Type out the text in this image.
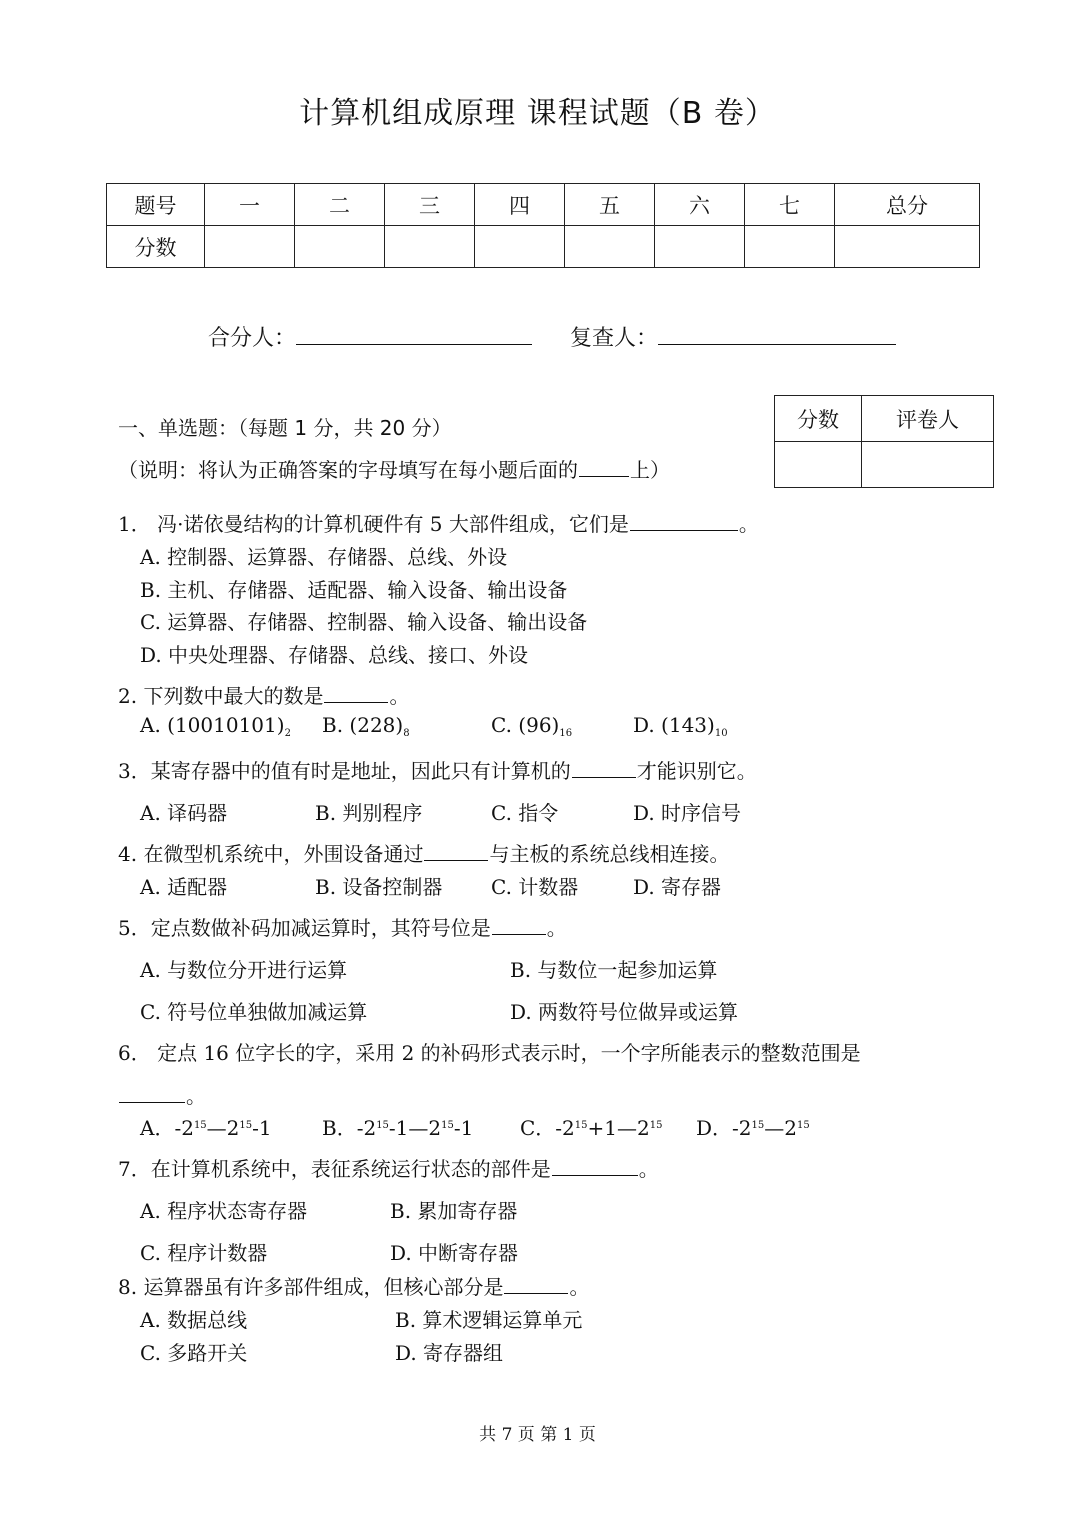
计算机组成原理 课程试题（B 卷）
题号	一	二	三	四	五	六	七	总分
分数								
合分人：	复查人：
分数	评卷人

一、单选题：（每题 1 分，共 20 分）
（说明：将认为正确答案的字母填写在每小题后面的	上）
1． 冯·诺依曼结构的计算机硬件有 5 大部件组成，它们是	。
A. 控制器、运算器、存储器、总线、外设
B. 主机、存储器、适配器、输入设备、输出设备
C. 运算器、存储器、控制器、输入设备、输出设备
D. 中央处理器、存储器、总线、接口、外设
2. 下列数中最大的数是	。
A. $(10010101)_2$ B. $(228)_8$	C. $(96)_{16}$	D. $(143)_{10}$
3．某寄存器中的值有时是地址，因此只有计算机的	才能识别它。
A. 译码器	B. 判别程序	C. 指令	D. 时序信号
4. 在微型机系统中，外围设备通过	与主板的系统总线相连接。
A. 适配器	B. 设备控制器 C. 计数器	D. 寄存器
5．定点数做补码加减运算时，其符号位是	。
A. 与数位分开进行运算	B. 与数位一起参加运算
C. 符号位单独做加减运算	D. 两数符号位做异或运算
6． 定点 16 位字长的字，采用 2 的补码形式表示时，一个字所能表示的整数范围是
。
A．$-2^{15}—2^{15}-1$	B．$-2^{15}-1—2^{15}-1$ C．$-2^{15}+1—2^{15}$ D．$-2^{15}—2^{15}$
7．在计算机系统中，表征系统运行状态的部件是	。
A. 程序状态寄存器	B. 累加寄存器
C. 程序计数器	D. 中断寄存器
8. 运算器虽有许多部件组成，但核心部分是	。
A. 数据总线	B. 算术逻辑运算单元
C. 多路开关	D. 寄存器组
共 7 页 第 1 页
